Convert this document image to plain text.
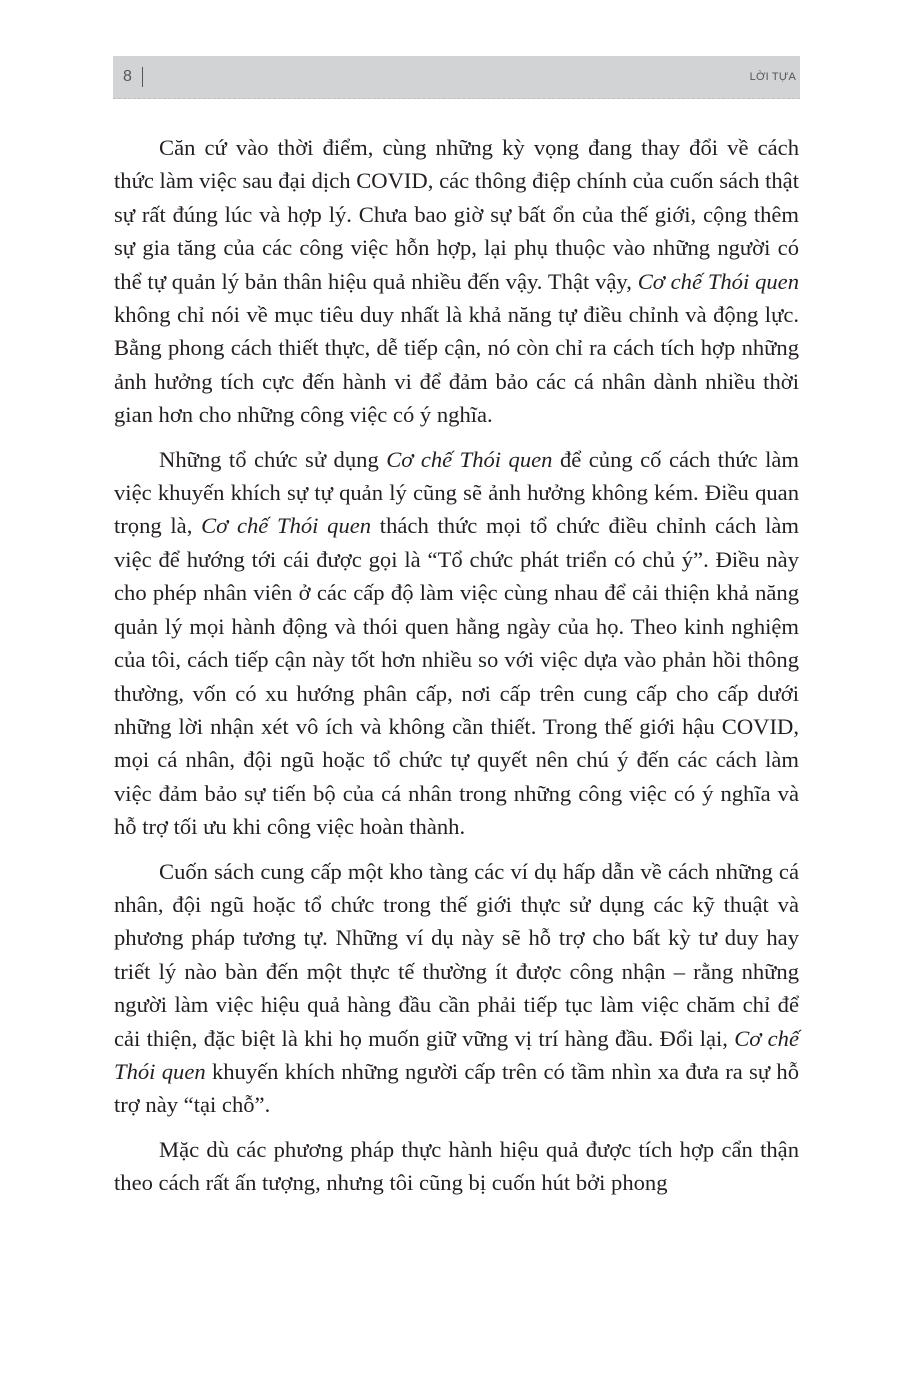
8	LỜI TỰA

Căn cứ vào thời điểm, cùng những kỳ vọng đang thay đổi về cách thức làm việc sau đại dịch COVID, các thông điệp chính của cuốn sách thật sự rất đúng lúc và hợp lý. Chưa bao giờ sự bất ổn của thế giới, cộng thêm sự gia tăng của các công việc hỗn hợp, lại phụ thuộc vào những người có thể tự quản lý bản thân hiệu quả nhiều đến vậy. Thật vậy, Cơ chế Thói quen không chỉ nói về mục tiêu duy nhất là khả năng tự điều chỉnh và động lực. Bằng phong cách thiết thực, dễ tiếp cận, nó còn chỉ ra cách tích hợp những ảnh hưởng tích cực đến hành vi để đảm bảo các cá nhân dành nhiều thời gian hơn cho những công việc có ý nghĩa.

Những tổ chức sử dụng Cơ chế Thói quen để củng cố cách thức làm việc khuyến khích sự tự quản lý cũng sẽ ảnh hưởng không kém. Điều quan trọng là, Cơ chế Thói quen thách thức mọi tổ chức điều chỉnh cách làm việc để hướng tới cái được gọi là “Tổ chức phát triển có chủ ý”. Điều này cho phép nhân viên ở các cấp độ làm việc cùng nhau để cải thiện khả năng quản lý mọi hành động và thói quen hằng ngày của họ. Theo kinh nghiệm của tôi, cách tiếp cận này tốt hơn nhiều so với việc dựa vào phản hồi thông thường, vốn có xu hướng phân cấp, nơi cấp trên cung cấp cho cấp dưới những lời nhận xét vô ích và không cần thiết. Trong thế giới hậu COVID, mọi cá nhân, đội ngũ hoặc tổ chức tự quyết nên chú ý đến các cách làm việc đảm bảo sự tiến bộ của cá nhân trong những công việc có ý nghĩa và hỗ trợ tối ưu khi công việc hoàn thành.

Cuốn sách cung cấp một kho tàng các ví dụ hấp dẫn về cách những cá nhân, đội ngũ hoặc tổ chức trong thế giới thực sử dụng các kỹ thuật và phương pháp tương tự. Những ví dụ này sẽ hỗ trợ cho bất kỳ tư duy hay triết lý nào bàn đến một thực tế thường ít được công nhận – rằng những người làm việc hiệu quả hàng đầu cần phải tiếp tục làm việc chăm chỉ để cải thiện, đặc biệt là khi họ muốn giữ vững vị trí hàng đầu. Đổi lại, Cơ chế Thói quen khuyến khích những người cấp trên có tầm nhìn xa đưa ra sự hỗ trợ này “tại chỗ”.

Mặc dù các phương pháp thực hành hiệu quả được tích hợp cẩn thận theo cách rất ấn tượng, nhưng tôi cũng bị cuốn hút bởi phong
